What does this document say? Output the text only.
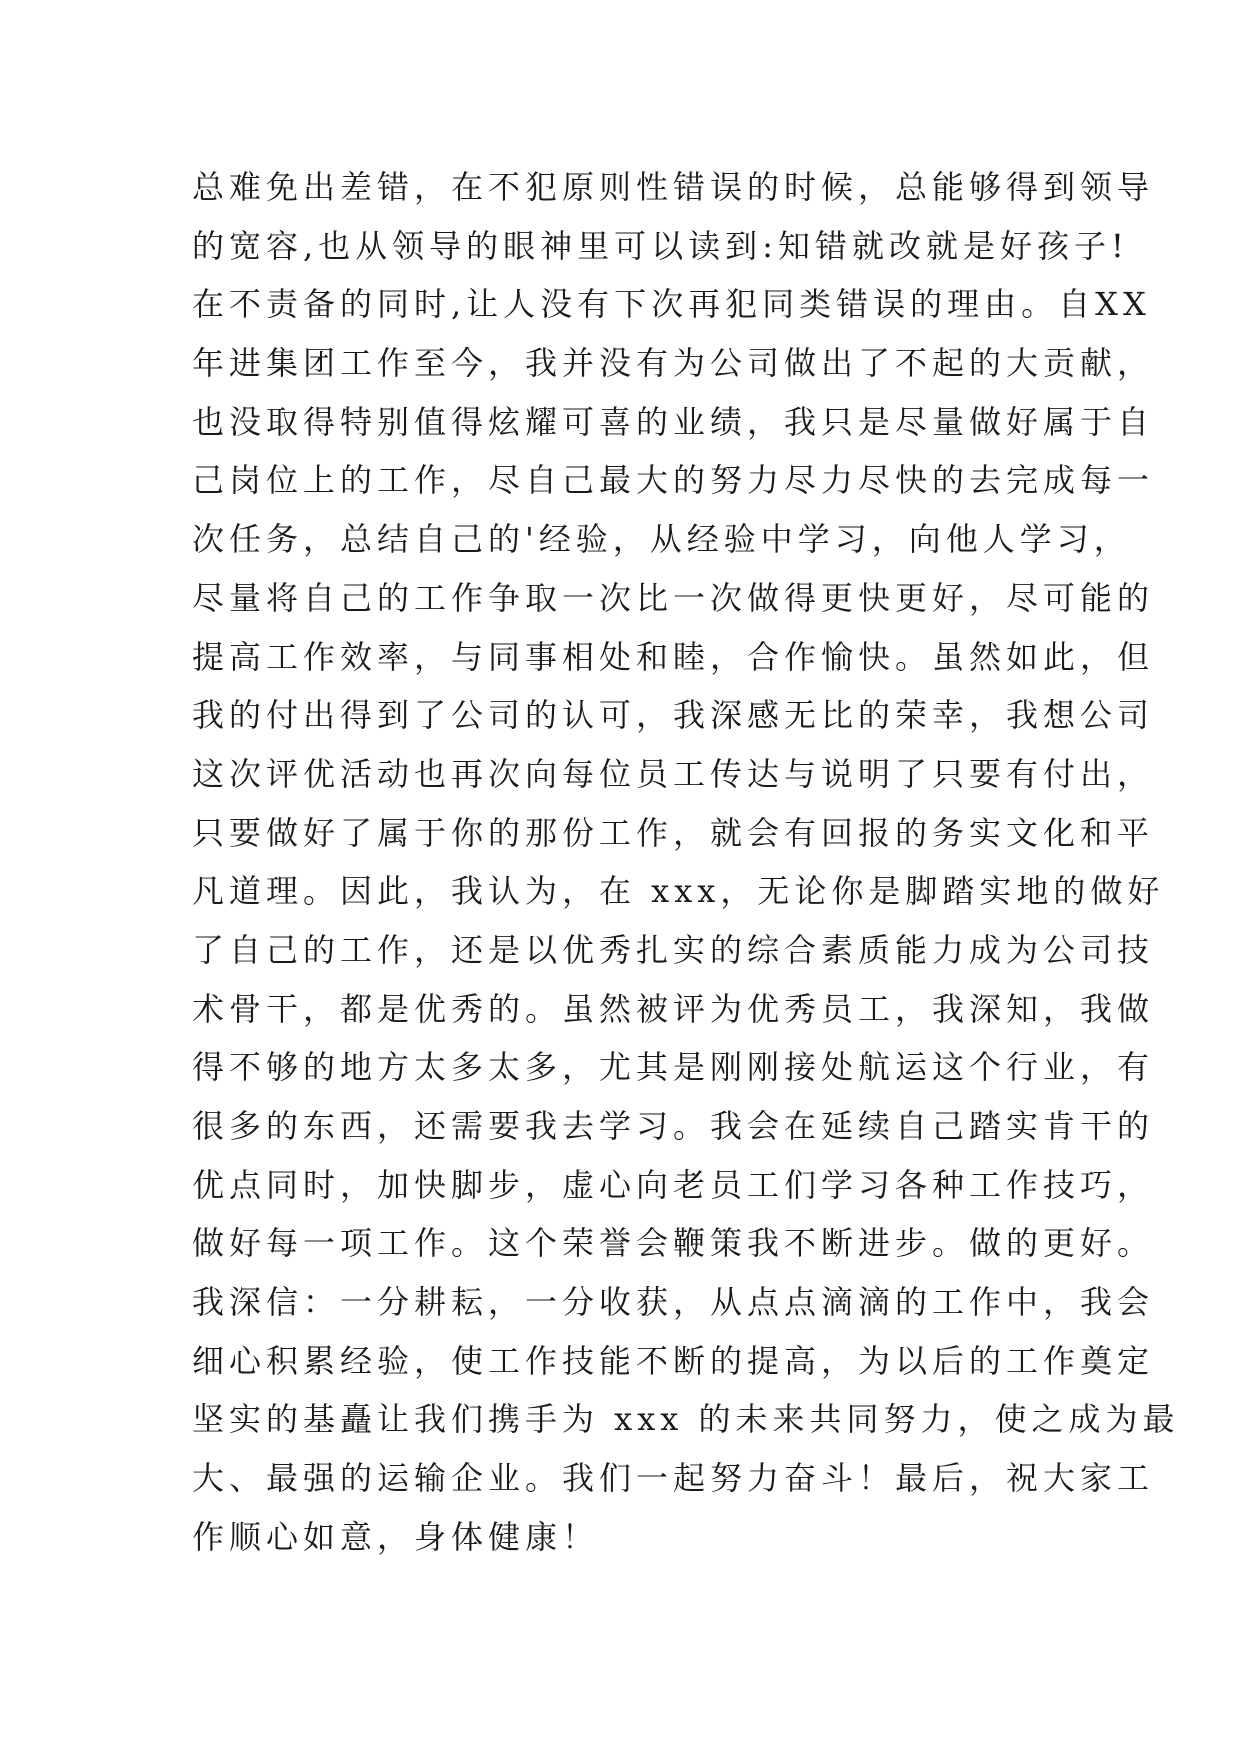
总难免出差错，在不犯原则性错误的时候，总能够得到领导
的宽容,也从领导的眼神里可以读到:知错就改就是好孩子!
在不责备的同时,让人没有下次再犯同类错误的理由。自XX
年进集团工作至今，我并没有为公司做出了不起的大贡献，
也没取得特别值得炫耀可喜的业绩，我只是尽量做好属于自
己岗位上的工作，尽自己最大的努力尽力尽快的去完成每一
次任务，总结自己的'经验，从经验中学习，向他人学习，
尽量将自己的工作争取一次比一次做得更快更好，尽可能的
提高工作效率，与同事相处和睦，合作愉快。虽然如此，但
我的付出得到了公司的认可，我深感无比的荣幸，我想公司
这次评优活动也再次向每位员工传达与说明了只要有付出，
只要做好了属于你的那份工作，就会有回报的务实文化和平
凡道理。因此，我认为，在 xxx，无论你是脚踏实地的做好
了自己的工作，还是以优秀扎实的综合素质能力成为公司技
术骨干，都是优秀的。虽然被评为优秀员工，我深知，我做
得不够的地方太多太多，尤其是刚刚接处航运这个行业，有
很多的东西，还需要我去学习。我会在延续自己踏实肯干的
优点同时，加快脚步，虚心向老员工们学习各种工作技巧，
做好每一项工作。这个荣誉会鞭策我不断进步。做的更好。
我深信：一分耕耘，一分收获，从点点滴滴的工作中，我会
细心积累经验，使工作技能不断的提高，为以后的工作奠定
坚实的基矗让我们携手为 xxx 的未来共同努力，使之成为最
大、最强的运输企业。我们一起努力奋斗！最后，祝大家工
作顺心如意，身体健康！
